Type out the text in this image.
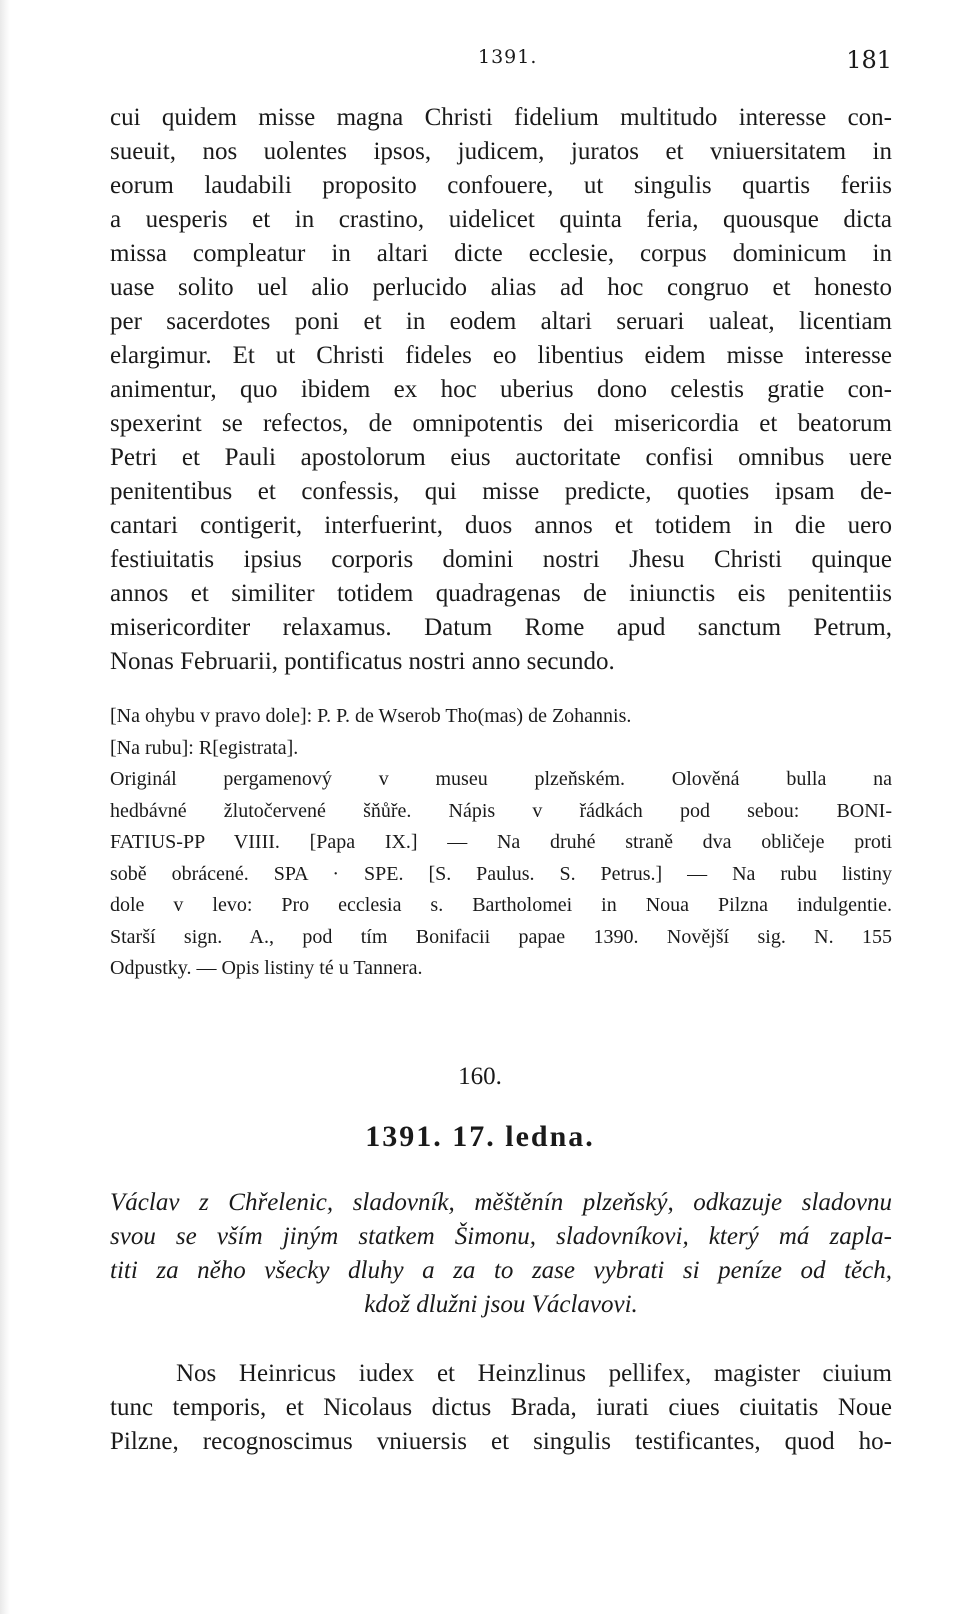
1391.	181
cui quidem misse magna Christi fidelium multitudo interesse con-
sueuit, nos uolentes ipsos, judicem, juratos et vniuersitatem in
eorum laudabili proposito confouere, ut singulis quartis feriis
a uesperis et in crastino, uidelicet quinta feria, quousque dicta
missa compleatur in altari dicte ecclesie, corpus dominicum in
uase solito uel alio perlucido alias ad hoc congruo et honesto
per sacerdotes poni et in eodem altari seruari ualeat, licentiam
elargimur. Et ut Christi fideles eo libentius eidem misse interesse
animentur, quo ibidem ex hoc uberius dono celestis gratie con-
spexerint se refectos, de omnipotentis dei misericordia et beatorum
Petri et Pauli apostolorum eius auctoritate confisi omnibus uere
penitentibus et confessis, qui misse predicte, quoties ipsam de-
cantari contigerit, interfuerint, duos annos et totidem in die uero
festiuitatis ipsius corporis domini nostri Jhesu Christi quinque
annos et similiter totidem quadragenas de iniunctis eis penitentiis
misericorditer relaxamus. Datum Rome apud sanctum Petrum,
Nonas Februarii, pontificatus nostri anno secundo.
[Na ohybu v pravo dole]: P. P. de Wserob Tho(mas) de Zohannis.
[Na rubu]: R[egistrata].
Originál pergamenový v museu plzeňském. Olověná bulla na
hedbávné žlutočervené šňůře. Nápis v řádkách pod sebou: BONI-
FATIUS-PP VIIII. [Papa IX.] — Na druhé straně dva obličeje proti
sobě obrácené. SPA · SPE. [S. Paulus. S. Petrus.] — Na rubu listiny
dole v levo: Pro ecclesia s. Bartholomei in Noua Pilzna indulgentie.
Starší sign. A., pod tím Bonifacii papae 1390. Novější sig. N. 155
Odpustky. — Opis listiny té u Tannera.
160.
1391. 17. ledna.
Václav z Chřelenic, sladovník, měštěnín plzeňský, odkazuje sladovnu
svou se vším jiným statkem Šimonu, sladovníkovi, který má zapla-
titi za něho všecky dluhy a za to zase vybrati si peníze od těch,
kdož dlužni jsou Václavovi.
Nos Heinricus iudex et Heinzlinus pellifex, magister ciuium
tunc temporis, et Nicolaus dictus Brada, iurati ciues ciuitatis Noue
Pilzne, recognoscimus vniuersis et singulis testificantes, quod ho-
